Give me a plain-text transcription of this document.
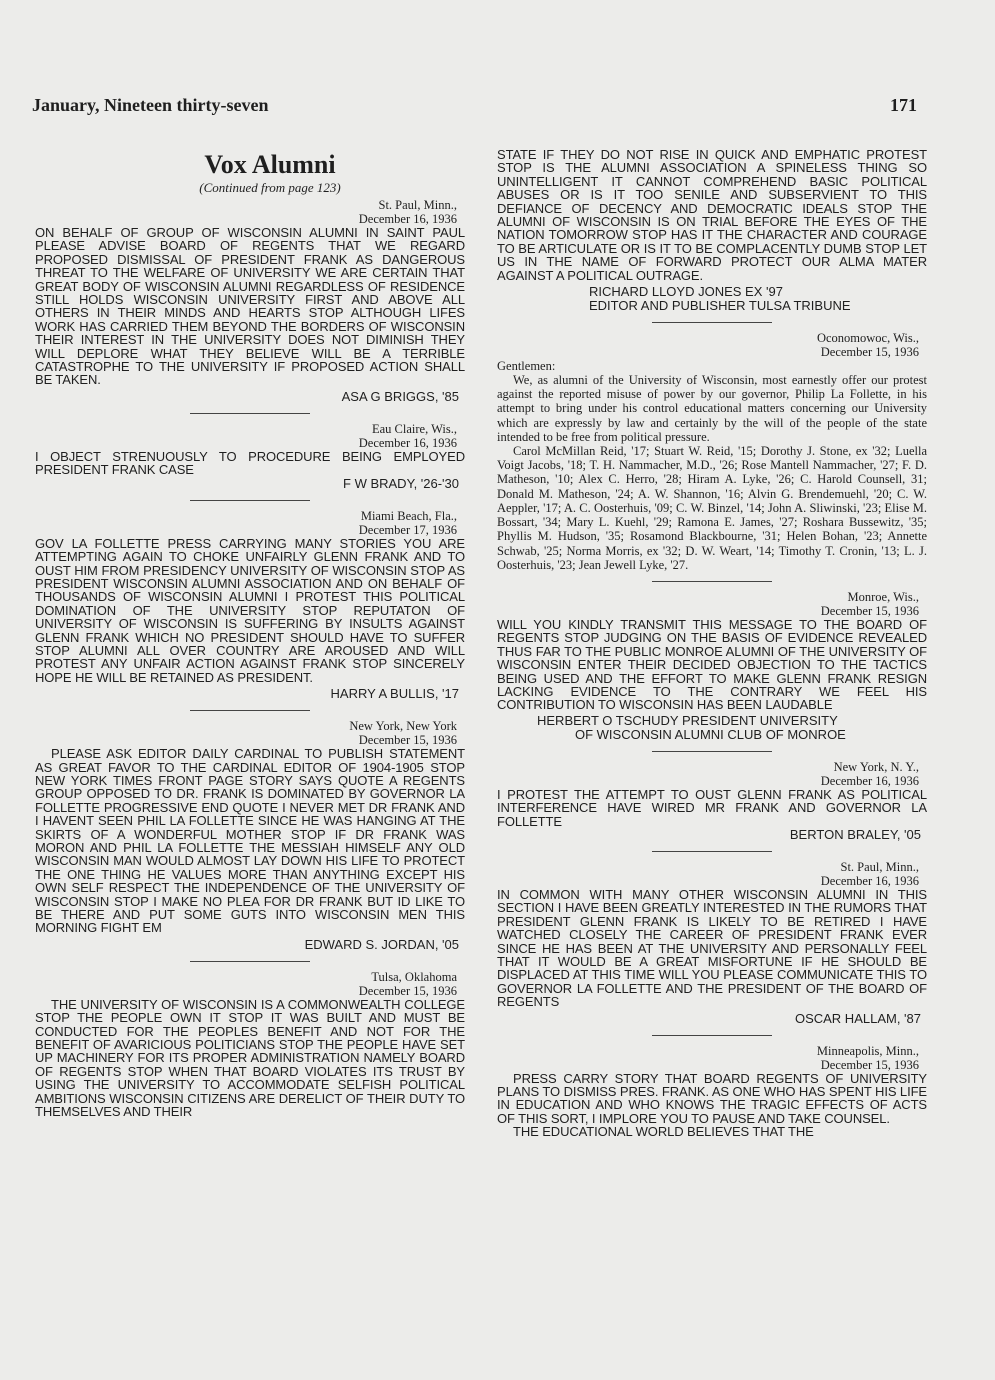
January, Nineteen thirty-seven	171
Vox Alumni

(Continued from page 123)

St. Paul, Minn.,
December 16, 1936

ON BEHALF OF GROUP OF WISCONSIN ALUMNI IN SAINT PAUL PLEASE ADVISE BOARD OF REGENTS THAT WE REGARD PROPOSED DISMISSAL OF PRESIDENT FRANK AS DANGEROUS THREAT TO THE WELFARE OF UNIVERSITY WE ARE CERTAIN THAT GREAT BODY OF WISCONSIN ALUMNI REGARDLESS OF RESIDENCE STILL HOLDS WISCONSIN UNIVERSITY FIRST AND ABOVE ALL OTHERS IN THEIR MINDS AND HEARTS STOP ALTHOUGH LIFES WORK HAS CARRIED THEM BEYOND THE BORDERS OF WISCONSIN THEIR INTEREST IN THE UNIVERSITY DOES NOT DIMINISH THEY WILL DEPLORE WHAT THEY BELIEVE WILL BE A TERRIBLE CATASTROPHE TO THE UNIVERSITY IF PROPOSED ACTION SHALL BE TAKEN.

ASA G BRIGGS, '85

Eau Claire, Wis.,
December 16, 1936

I OBJECT STRENUOUSLY TO PROCEDURE BEING EMPLOYED PRESIDENT FRANK CASE

F W BRADY, '26-'30

Miami Beach, Fla.,
December 17, 1936

GOV LA FOLLETTE PRESS CARRYING MANY STORIES YOU ARE ATTEMPTING AGAIN TO CHOKE UNFAIRLY GLENN FRANK AND TO OUST HIM FROM PRESIDENCY UNIVERSITY OF WISCONSIN STOP AS PRESIDENT WISCONSIN ALUMNI ASSOCIATION AND ON BEHALF OF THOUSANDS OF WISCONSIN ALUMNI I PROTEST THIS POLITICAL DOMINATION OF THE UNIVERSITY STOP REPUTATON OF UNIVERSITY OF WISCONSIN IS SUFFERING BY INSULTS AGAINST GLENN FRANK WHICH NO PRESIDENT SHOULD HAVE TO SUFFER STOP ALUMNI ALL OVER COUNTRY ARE AROUSED AND WILL PROTEST ANY UNFAIR ACTION AGAINST FRANK STOP SINCERELY HOPE HE WILL BE RETAINED AS PRESIDENT.

HARRY A BULLIS, '17

New York, New York
December 15, 1936

PLEASE ASK EDITOR DAILY CARDINAL TO PUBLISH STATEMENT AS GREAT FAVOR TO THE CARDINAL EDITOR OF 1904-1905 STOP NEW YORK TIMES FRONT PAGE STORY SAYS QUOTE A REGENTS GROUP OPPOSED TO DR. FRANK IS DOMINATED BY GOVERNOR LA FOLLETTE PROGRESSIVE END QUOTE I NEVER MET DR FRANK AND I HAVENT SEEN PHIL LA FOLLETTE SINCE HE WAS HANGING AT THE SKIRTS OF A WONDERFUL MOTHER STOP IF DR FRANK WAS MORON AND PHIL LA FOLLETTE THE MESSIAH HIMSELF ANY OLD WISCONSIN MAN WOULD ALMOST LAY DOWN HIS LIFE TO PROTECT THE ONE THING HE VALUES MORE THAN ANYTHING EXCEPT HIS OWN SELF RESPECT THE INDEPENDENCE OF THE UNIVERSITY OF WISCONSIN STOP I MAKE NO PLEA FOR DR FRANK BUT ID LIKE TO BE THERE AND PUT SOME GUTS INTO WISCONSIN MEN THIS MORNING FIGHT EM

EDWARD S. JORDAN, '05

Tulsa, Oklahoma
December 15, 1936

THE UNIVERSITY OF WISCONSIN IS A COMMONWEALTH COLLEGE STOP THE PEOPLE OWN IT STOP IT WAS BUILT AND MUST BE CONDUCTED FOR THE PEOPLES BENEFIT AND NOT FOR THE BENEFIT OF AVARICIOUS POLITICIANS STOP THE PEOPLE HAVE SET UP MACHINERY FOR ITS PROPER ADMINISTRATION NAMELY BOARD OF REGENTS STOP WHEN THAT BOARD VIOLATES ITS TRUST BY USING THE UNIVERSITY TO ACCOMMODATE SELFISH POLITICAL AMBITIONS WISCONSIN CITIZENS ARE DERELICT OF THEIR DUTY TO THEMSELVES AND THEIR

STATE IF THEY DO NOT RISE IN QUICK AND EMPHATIC PROTEST STOP IS THE ALUMNI ASSOCIATION A SPINELESS THING SO UNINTELLIGENT IT CANNOT COMPREHEND BASIC POLITICAL ABUSES OR IS IT TOO SENILE AND SUBSERVIENT TO THIS DEFIANCE OF DECENCY AND DEMOCRATIC IDEALS STOP THE ALUMNI OF WISCONSIN IS ON TRIAL BEFORE THE EYES OF THE NATION TOMORROW STOP HAS IT THE CHARACTER AND COURAGE TO BE ARTICULATE OR IS IT TO BE COMPLACENTLY DUMB STOP LET US IN THE NAME OF FORWARD PROTECT OUR ALMA MATER AGAINST A POLITICAL OUTRAGE.

RICHARD LLOYD JONES EX '97

EDITOR AND PUBLISHER TULSA TRIBUNE

Oconomowoc, Wis.,
December 15, 1936

Gentlemen:

We, as alumni of the University of Wisconsin, most earnestly offer our protest against the reported misuse of power by our governor, Philip La Follette, in his attempt to bring under his control educational matters concerning our University which are expressly by law and certainly by the will of the people of the state intended to be free from political pressure.

Carol McMillan Reid, '17; Stuart W. Reid, '15; Dorothy J. Stone, ex '32; Luella Voigt Jacobs, '18; T. H. Nammacher, M.D., '26; Rose Mantell Nammacher, '27; F. D. Matheson, '10; Alex C. Herro, '28; Hiram A. Lyke, '26; C. Harold Counsell, 31; Donald M. Matheson, '24; A. W. Shannon, '16; Alvin G. Brendemuehl, '20; C. W. Aeppler, '17; A. C. Oosterhuis, '09; C. W. Binzel, '14; John A. Sliwinski, '23; Elise M. Bossart, '34; Mary L. Kuehl, '29; Ramona E. James, '27; Roshara Bussewitz, '35; Phyllis M. Hudson, '35; Rosamond Blackbourne, '31; Helen Bohan, '23; Annette Schwab, '25; Norma Morris, ex '32; D. W. Weart, '14; Timothy T. Cronin, '13; L. J. Oosterhuis, '23; Jean Jewell Lyke, '27.

Monroe, Wis.,
December 15, 1936

WILL YOU KINDLY TRANSMIT THIS MESSAGE TO THE BOARD OF REGENTS STOP JUDGING ON THE BASIS OF EVIDENCE REVEALED THUS FAR TO THE PUBLIC MONROE ALUMNI OF THE UNIVERSITY OF WISCONSIN ENTER THEIR DECIDED OBJECTION TO THE TACTICS BEING USED AND THE EFFORT TO MAKE GLENN FRANK RESIGN LACKING EVIDENCE TO THE CONTRARY WE FEEL HIS CONTRIBUTION TO WISCONSIN HAS BEEN LAUDABLE

HERBERT O TSCHUDY PRESIDENT UNIVERSITY

OF WISCONSIN ALUMNI CLUB OF MONROE

New York, N. Y.,
December 16, 1936

I PROTEST THE ATTEMPT TO OUST GLENN FRANK AS POLITICAL INTERFERENCE HAVE WIRED MR FRANK AND GOVERNOR LA FOLLETTE

BERTON BRALEY, '05

St. Paul, Minn.,
December 16, 1936

IN COMMON WITH MANY OTHER WISCONSIN ALUMNI IN THIS SECTION I HAVE BEEN GREATLY INTERESTED IN THE RUMORS THAT PRESIDENT GLENN FRANK IS LIKELY TO BE RETIRED I HAVE WATCHED CLOSELY THE CAREER OF PRESIDENT FRANK EVER SINCE HE HAS BEEN AT THE UNIVERSITY AND PERSONALLY FEEL THAT IT WOULD BE A GREAT MISFORTUNE IF HE SHOULD BE DISPLACED AT THIS TIME WILL YOU PLEASE COMMUNICATE THIS TO GOVERNOR LA FOLLETTE AND THE PRESIDENT OF THE BOARD OF REGENTS

OSCAR HALLAM, '87

Minneapolis, Minn.,
December 15, 1936

PRESS CARRY STORY THAT BOARD REGENTS OF UNIVERSITY PLANS TO DISMISS PRES. FRANK. AS ONE WHO HAS SPENT HIS LIFE IN EDUCATION AND WHO KNOWS THE TRAGIC EFFECTS OF ACTS OF THIS SORT, I IMPLORE YOU TO PAUSE AND TAKE COUNSEL.

THE EDUCATIONAL WORLD BELIEVES THAT THE
